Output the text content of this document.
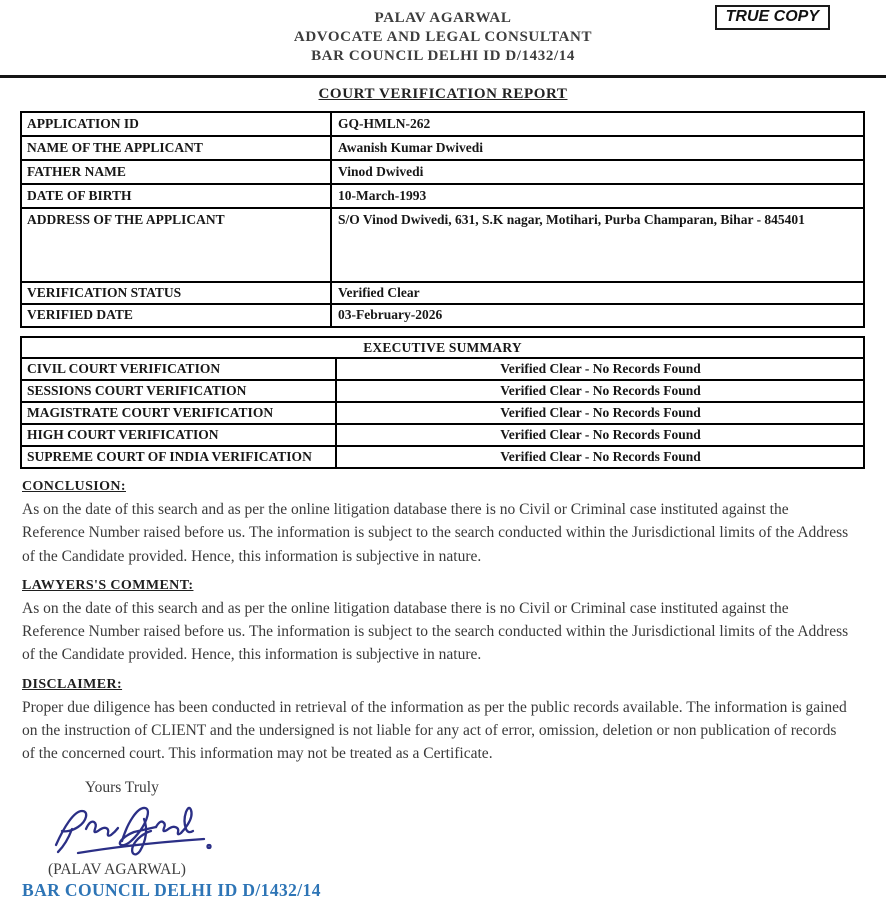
PALAV AGARWAL
ADVOCATE AND LEGAL CONSULTANT
BAR COUNCIL DELHI ID D/1432/14
TRUE COPY
COURT VERIFICATION REPORT
APPLICATION ID	GQ-HMLN-262
NAME OF THE APPLICANT	Awanish Kumar Dwivedi
FATHER NAME	Vinod Dwivedi
DATE OF BIRTH	10-March-1993
ADDRESS OF THE APPLICANT	S/O Vinod Dwivedi, 631, S.K nagar, Motihari, Purba Champaran, Bihar - 845401
VERIFICATION STATUS	Verified Clear
VERIFIED DATE	03-February-2026
EXECUTIVE SUMMARY	
CIVIL COURT VERIFICATION	Verified Clear - No Records Found
SESSIONS COURT VERIFICATION	Verified Clear - No Records Found
MAGISTRATE COURT VERIFICATION	Verified Clear - No Records Found
HIGH COURT VERIFICATION	Verified Clear - No Records Found
SUPREME COURT OF INDIA VERIFICATION	Verified Clear - No Records Found
CONCLUSION:

As on the date of this search and as per the online litigation database there is no Civil or Criminal case instituted against the Reference Number raised before us. The information is subject to the search conducted within the Jurisdictional limits of the Address of the Candidate provided. Hence, this information is subjective in nature.

LAWYERS'S COMMENT:

As on the date of this search and as per the online litigation database there is no Civil or Criminal case instituted against the Reference Number raised before us. The information is subject to the search conducted within the Jurisdictional limits of the Address of the Candidate provided. Hence, this information is subjective in nature.

DISCLAIMER:

Proper due diligence has been conducted in retrieval of the information as per the public records available. The information is gained on the instruction of CLIENT and the undersigned is not liable for any act of error, omission, deletion or non publication of records of the concerned court. This information may not be treated as a Certificate.

Yours Truly
(PALAV AGARWAL)
BAR COUNCIL DELHI ID D/1432/14
